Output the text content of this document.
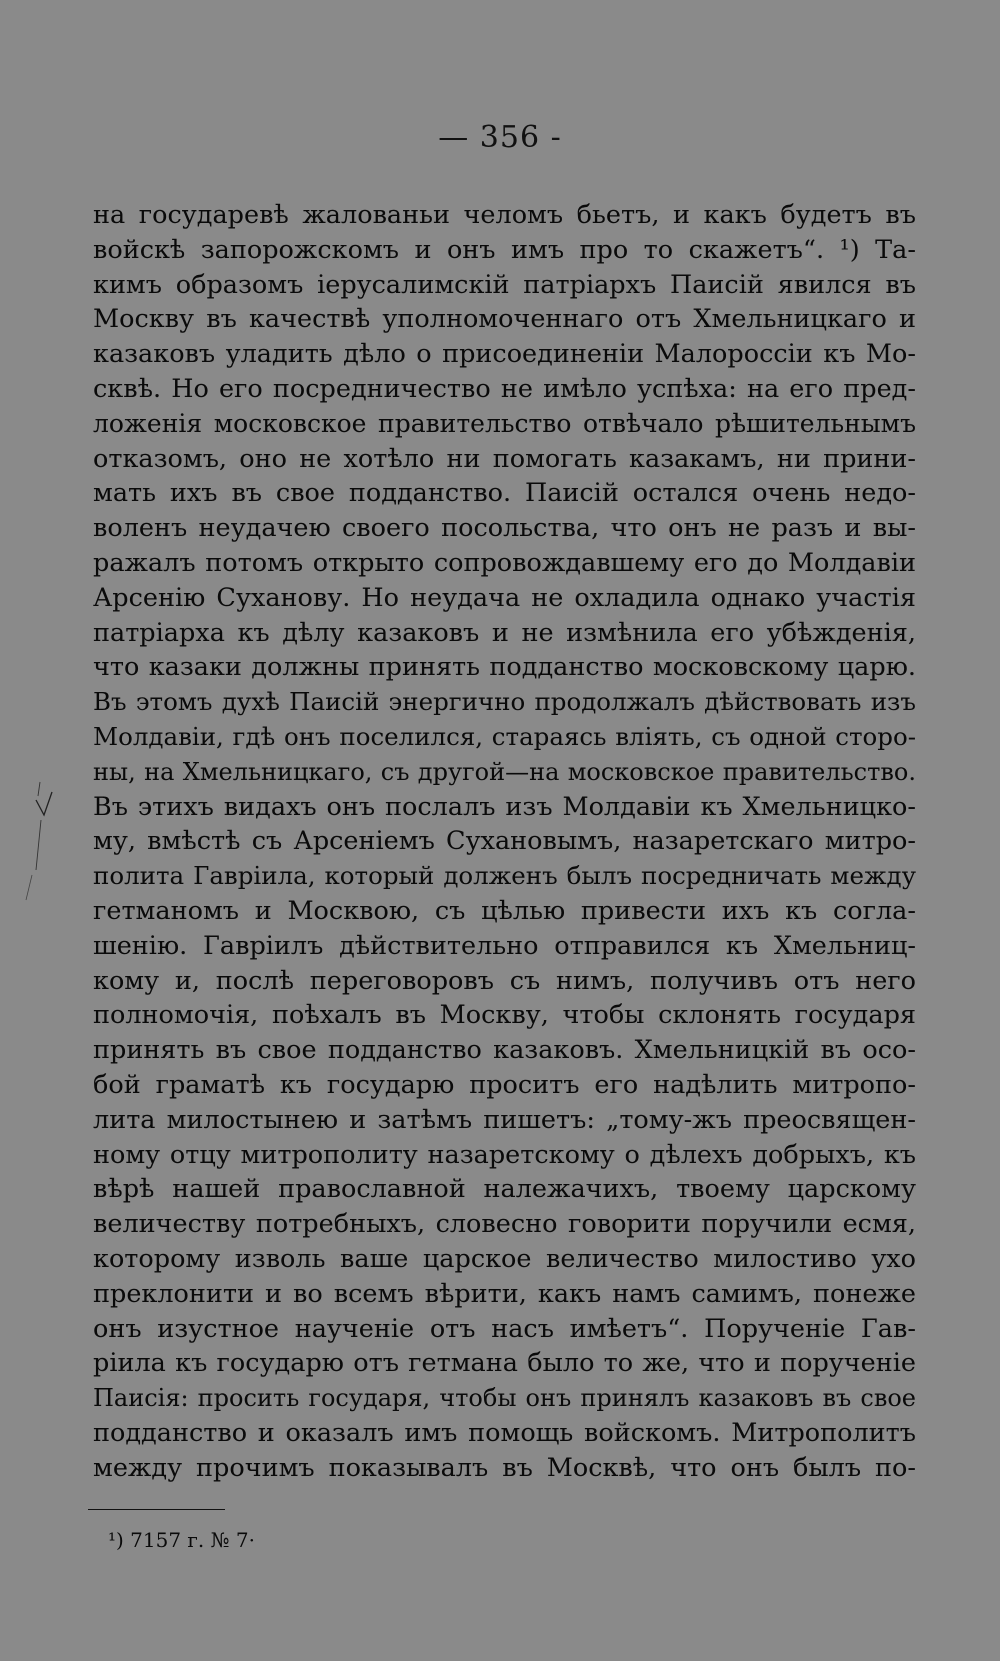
— 356 -
на государевѣ жалованьи челомъ бьетъ, и какъ будетъ въ
войскѣ запорожскомъ и онъ имъ про то скажетъ“. ¹) Та-
кимъ образомъ іерусалимскій патріархъ Паисій явился въ
Москву въ качествѣ уполномоченнаго отъ Хмельницкаго и
казаковъ уладить дѣло о присоединеніи Малороссіи къ Мо-
сквѣ. Но его посредничество не имѣло успѣха: на его пред-
ложенія московское правительство отвѣчало рѣшительнымъ
отказомъ, оно не хотѣло ни помогать казакамъ, ни прини-
мать ихъ въ свое подданство. Паисій остался очень недо-
воленъ неудачею своего посольства, что онъ не разъ и вы-
ражалъ потомъ открыто сопровождавшему его до Молдавіи
Арсенію Суханову. Но неудача не охладила однако участія
патріарха къ дѣлу казаковъ и не измѣнила его убѣжденія,
что казаки должны принять подданство московскому царю.
Въ этомъ духѣ Паисій энергично продолжалъ дѣйствовать изъ
Молдавіи, гдѣ онъ поселился, стараясь вліять, съ одной сторо-
ны, на Хмельницкаго, съ другой—на московское правительство.
Въ этихъ видахъ онъ послалъ изъ Молдавіи къ Хмельницко-
му, вмѣстѣ съ Арсеніемъ Сухановымъ, назаретскаго митро-
полита Гавріила, который долженъ былъ посредничать между
гетманомъ и Москвою, съ цѣлью привести ихъ къ согла-
шенію. Гавріилъ дѣйствительно отправился къ Хмельниц-
кому и, послѣ переговоровъ съ нимъ, получивъ отъ него
полномочія, поѣхалъ въ Москву, чтобы склонять государя
принять въ свое подданство казаковъ. Хмельницкій въ осо-
бой граматѣ къ государю проситъ его надѣлить митропо-
лита милостынею и затѣмъ пишетъ: „тому-жъ преосвящен-
ному отцу митрополиту назаретскому о дѣлехъ добрыхъ, къ
вѣрѣ нашей православной належачихъ, твоему царскому
величеству потребныхъ, словесно говорити поручили есмя,
которому изволь ваше царское величество милостиво ухо
преклонити и во всемъ вѣрити, какъ намъ самимъ, понеже
онъ изустное наученіе отъ насъ имѣетъ“. Порученіе Гав-
ріила къ государю отъ гетмана было то же, что и порученіе
Паисія: просить государя, чтобы онъ принялъ казаковъ въ свое
подданство и оказалъ имъ помощь войскомъ. Митрополитъ
между прочимъ показывалъ въ Москвѣ, что онъ былъ по-
¹) 7157 г. № 7·
